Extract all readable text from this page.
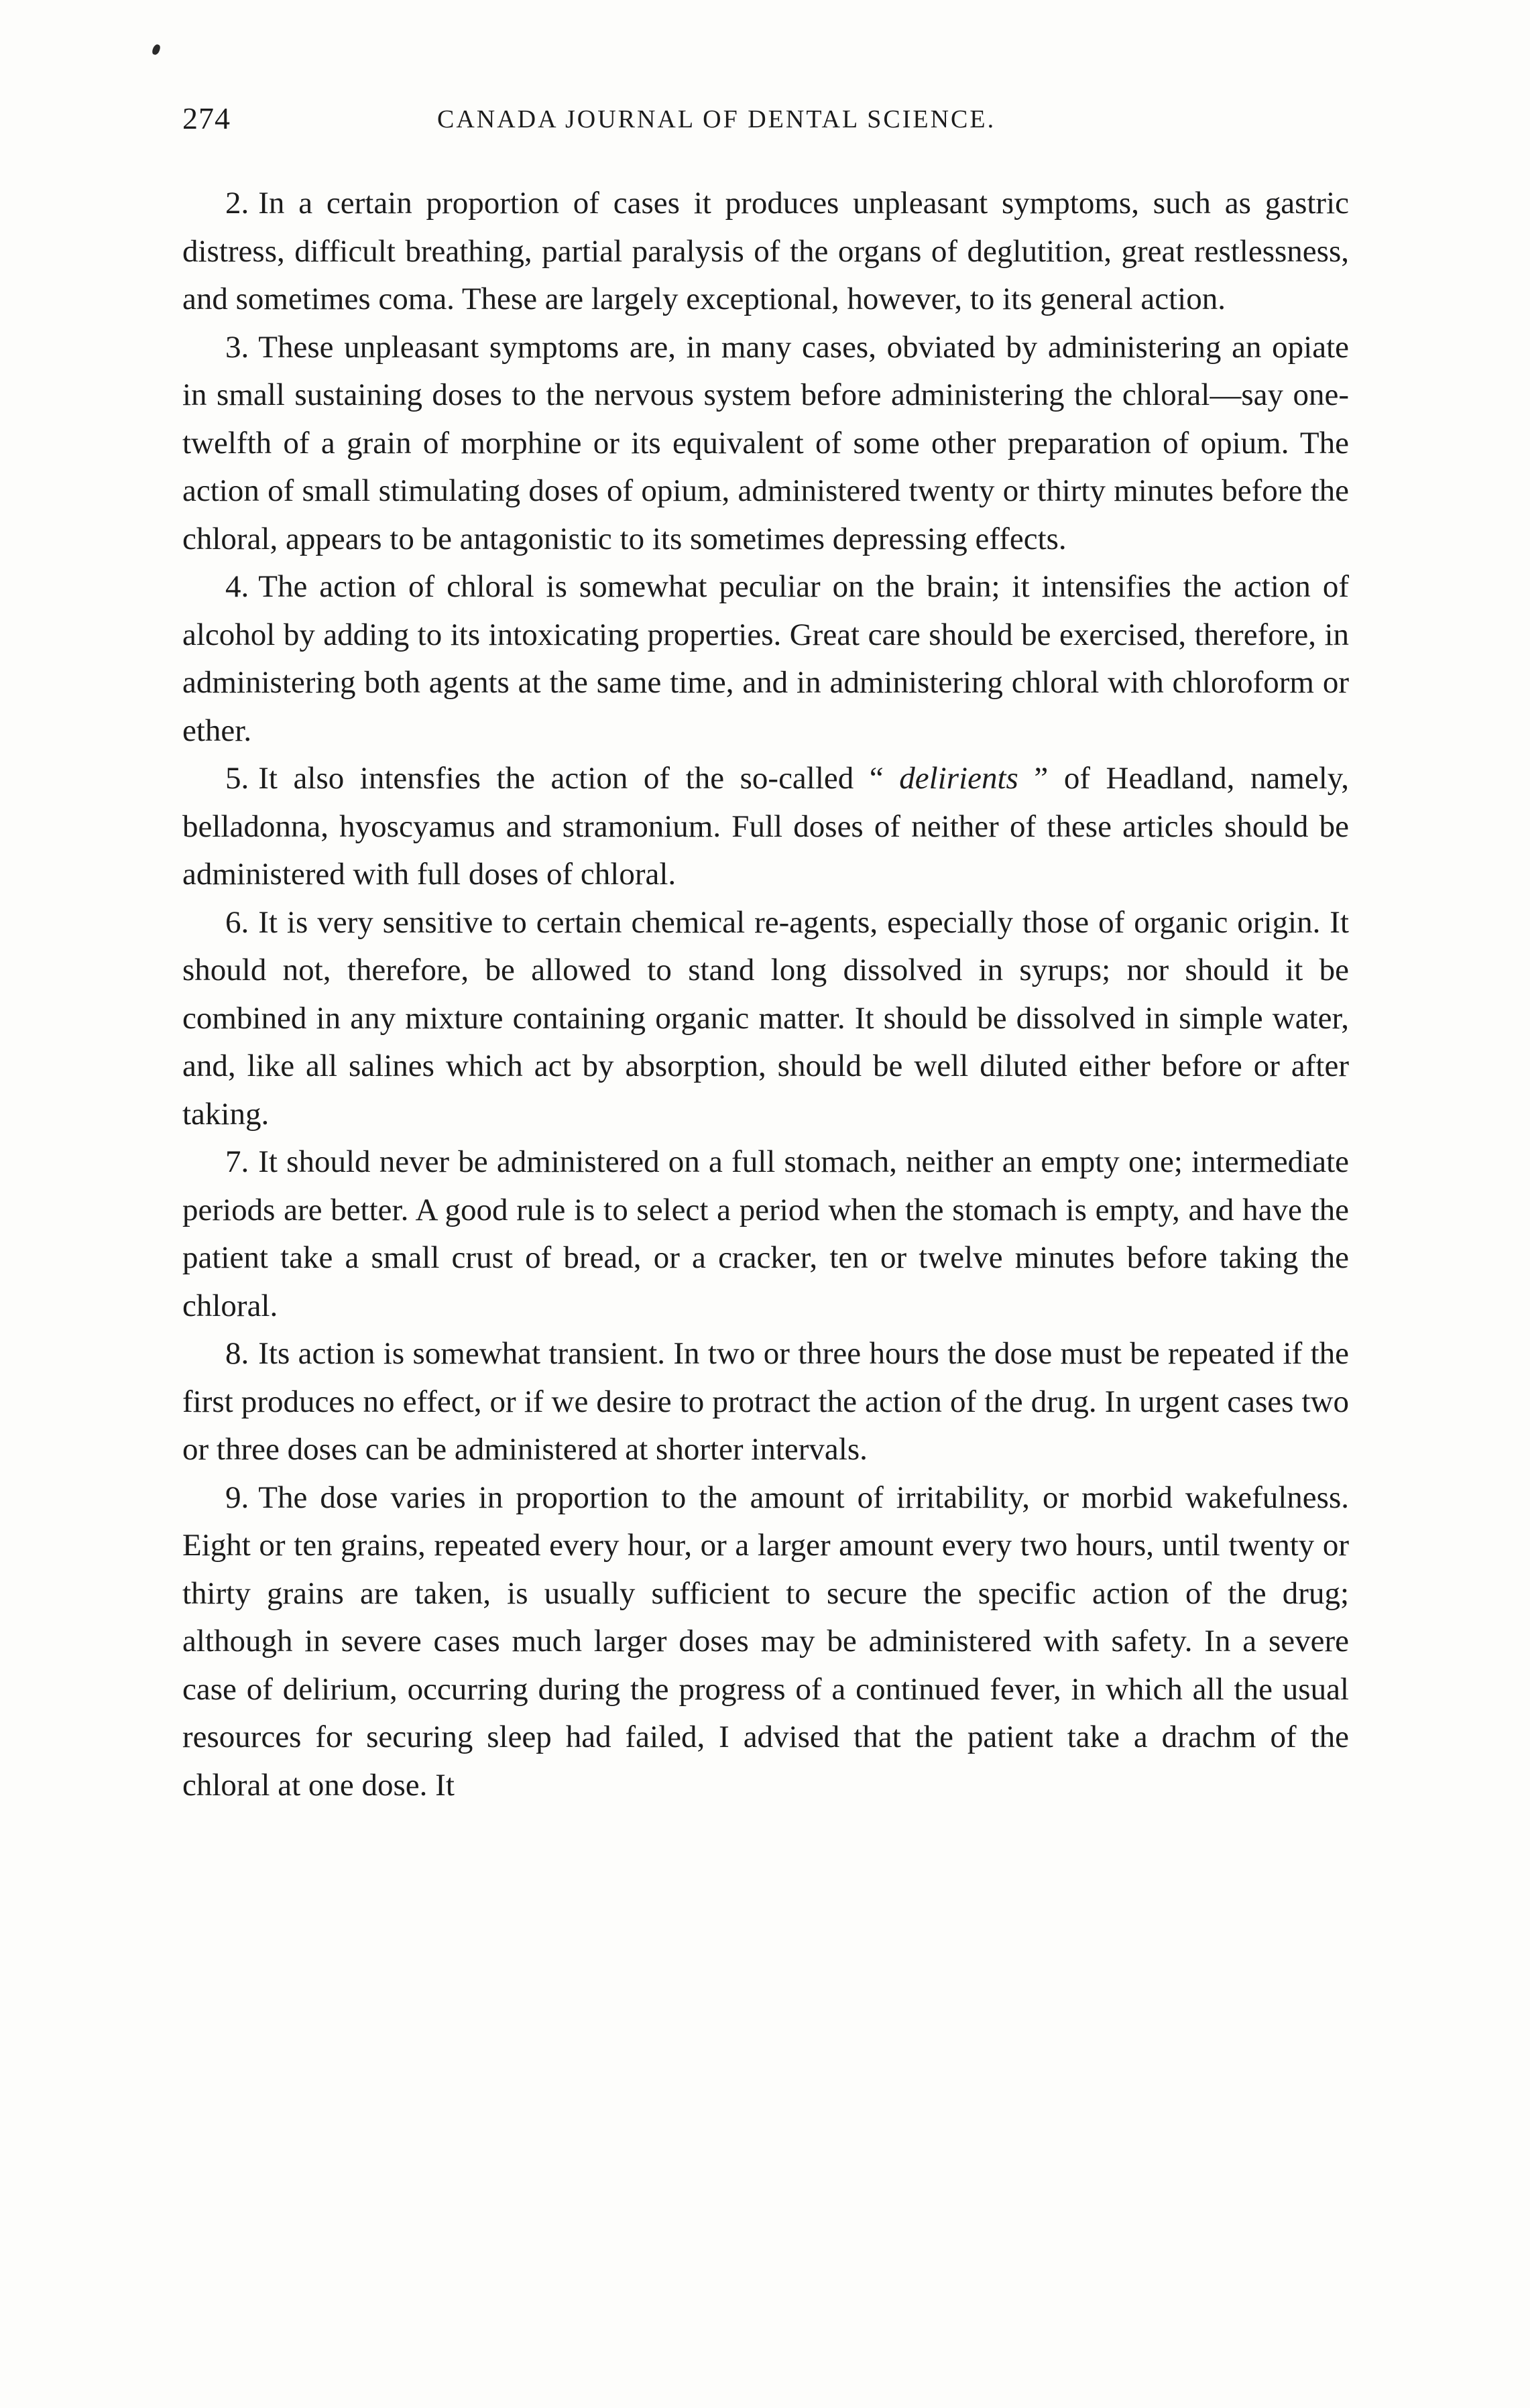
274	CANADA JOURNAL OF DENTAL SCIENCE.

2. In a certain proportion of cases it produces unpleasant symptoms, such as gastric distress, difficult breathing, partial paralysis of the organs of deglutition, great restlessness, and sometimes coma. These are largely exceptional, however, to its general action.

3. These unpleasant symptoms are, in many cases, obviated by administering an opiate in small sustaining doses to the nervous system before administering the chloral—say one-twelfth of a grain of morphine or its equivalent of some other preparation of opium. The action of small stimulating doses of opium, administered twenty or thirty minutes before the chloral, appears to be antagonistic to its sometimes depressing effects.

4. The action of chloral is somewhat peculiar on the brain; it intensifies the action of alcohol by adding to its intoxicating properties. Great care should be exercised, therefore, in administering both agents at the same time, and in administering chloral with chloroform or ether.

5. It also intensfies the action of the so-called “ delirients ” of Headland, namely, belladonna, hyoscyamus and stramonium. Full doses of neither of these articles should be administered with full doses of chloral.

6. It is very sensitive to certain chemical re-agents, especially those of organic origin. It should not, therefore, be allowed to stand long dissolved in syrups; nor should it be combined in any mixture containing organic matter. It should be dissolved in simple water, and, like all salines which act by absorption, should be well diluted either before or after taking.

7. It should never be administered on a full stomach, neither an empty one; intermediate periods are better. A good rule is to select a period when the stomach is empty, and have the patient take a small crust of bread, or a cracker, ten or twelve minutes before taking the chloral.

8. Its action is somewhat transient. In two or three hours the dose must be repeated if the first produces no effect, or if we desire to protract the action of the drug. In urgent cases two or three doses can be administered at shorter intervals.

9. The dose varies in proportion to the amount of irritability, or morbid wakefulness. Eight or ten grains, repeated every hour, or a larger amount every two hours, until twenty or thirty grains are taken, is usually sufficient to secure the specific action of the drug; although in severe cases much larger doses may be administered with safety. In a severe case of delirium, occurring during the progress of a continued fever, in which all the usual resources for securing sleep had failed, I advised that the patient take a drachm of the chloral at one dose. It
